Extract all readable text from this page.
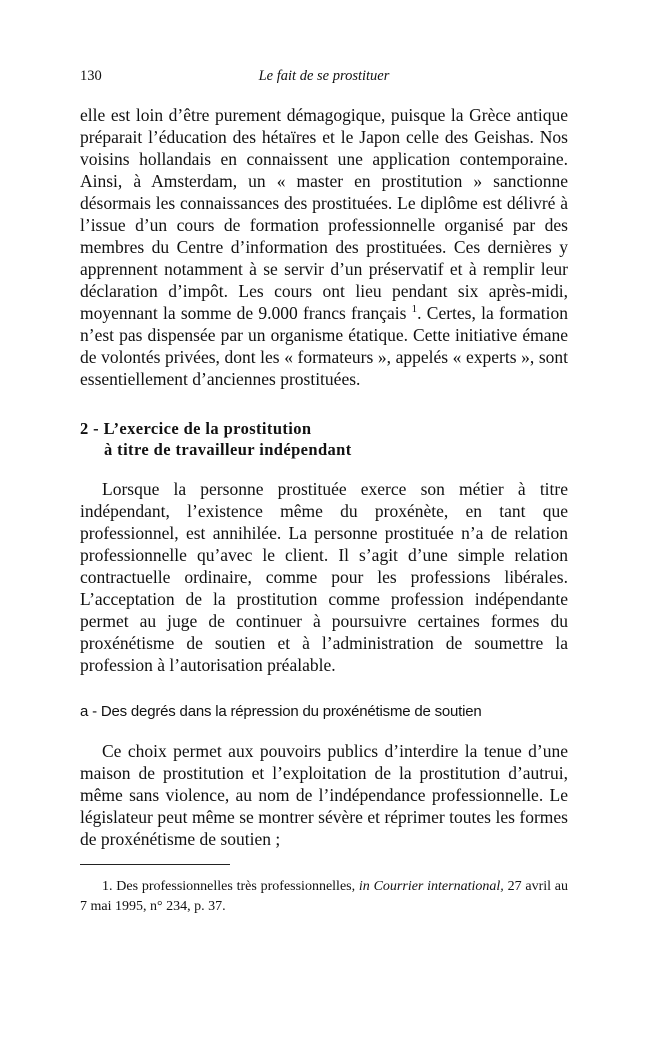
130	Le fait de se prostituer

elle est loin d’être purement démagogique, puisque la Grèce antique préparait l’éducation des hétaïres et le Japon celle des Geishas. Nos voisins hollandais en connaissent une application contemporaine. Ainsi, à Amsterdam, un « master en prostitution » sanctionne désormais les connaissances des prostituées. Le diplôme est délivré à l’issue d’un cours de formation professionnelle organisé par des membres du Centre d’information des prostituées. Ces dernières y apprennent notamment à se servir d’un préservatif et à remplir leur déclaration d’impôt. Les cours ont lieu pendant six après-midi, moyennant la somme de 9.000 francs français $^1$. Certes, la formation n’est pas dispensée par un organisme étatique. Cette initiative émane de volontés privées, dont les « formateurs », appelés « experts », sont essentiellement d’anciennes prostituées.

2 - L’exercice de la prostitution
à titre de travailleur indépendant

Lorsque la personne prostituée exerce son métier à titre indépendant, l’existence même du proxénète, en tant que professionnel, est annihilée. La personne prostituée n’a de relation professionnelle qu’avec le client. Il s’agit d’une simple relation contractuelle ordinaire, comme pour les professions libérales. L’acceptation de la prostitution comme profession indépendante permet au juge de continuer à poursuivre certaines formes du proxénétisme de soutien et à l’administration de soumettre la profession à l’autorisation préalable.

a - Des degrés dans la répression du proxénétisme de soutien

Ce choix permet aux pouvoirs publics d’interdire la tenue d’une maison de prostitution et l’exploitation de la prostitution d’autrui, même sans violence, au nom de l’indépendance professionnelle. Le législateur peut même se montrer sévère et réprimer toutes les formes de proxénétisme de soutien ;

1. Des professionnelles très professionnelles, in Courrier international, 27 avril au 7 mai 1995, n° 234, p. 37.
